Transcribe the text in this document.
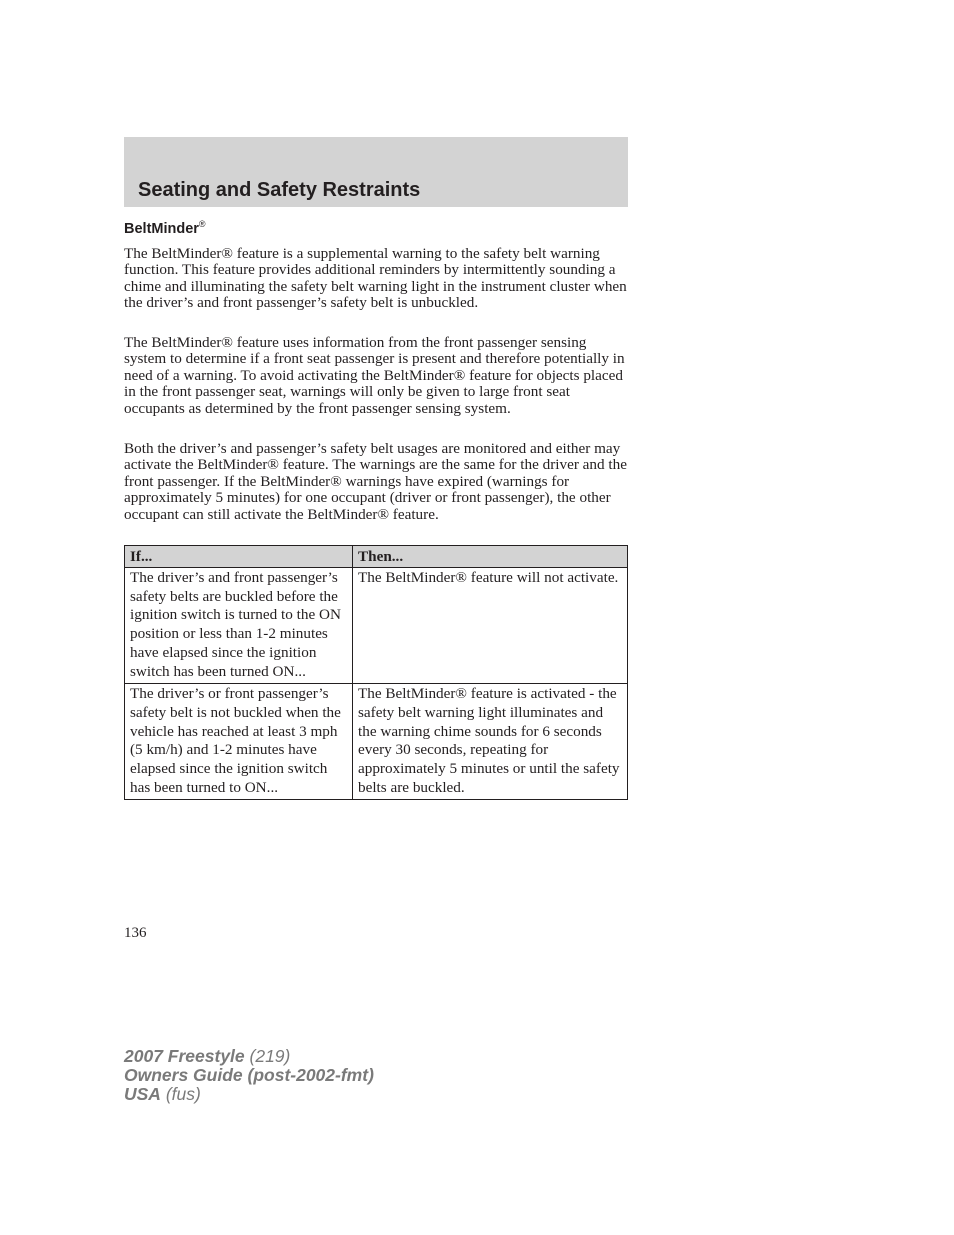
Seating and Safety Restraints
BeltMinder®

The BeltMinder® feature is a supplemental warning to the safety belt warning function. This feature provides additional reminders by intermittently sounding a chime and illuminating the safety belt warning light in the instrument cluster when the driver’s and front passenger’s safety belt is unbuckled.

The BeltMinder® feature uses information from the front passenger sensing system to determine if a front seat passenger is present and therefore potentially in need of a warning. To avoid activating the BeltMinder® feature for objects placed in the front passenger seat, warnings will only be given to large front seat occupants as determined by the front passenger sensing system.

Both the driver’s and passenger’s safety belt usages are monitored and either may activate the BeltMinder® feature. The warnings are the same for the driver and the front passenger. If the BeltMinder® warnings have expired (warnings for approximately 5 minutes) for one occupant (driver or front passenger), the other occupant can still activate the BeltMinder® feature.

If...	Then...
The driver’s and front passenger’s safety belts are buckled before the ignition switch is turned to the ON position or less than 1-2 minutes have elapsed since the ignition switch has been turned ON...	The BeltMinder® feature will not activate.
The driver’s or front passenger’s safety belt is not buckled when the vehicle has reached at least 3 mph (5 km/h) and 1-2 minutes have elapsed since the ignition switch has been turned to ON...	The BeltMinder® feature is activated - the safety belt warning light illuminates and the warning chime sounds for 6 seconds every 30 seconds, repeating for approximately 5 minutes or until the safety belts are buckled.

136

2007 Freestyle (219)
Owners Guide (post-2002-fmt)
USA (fus)
